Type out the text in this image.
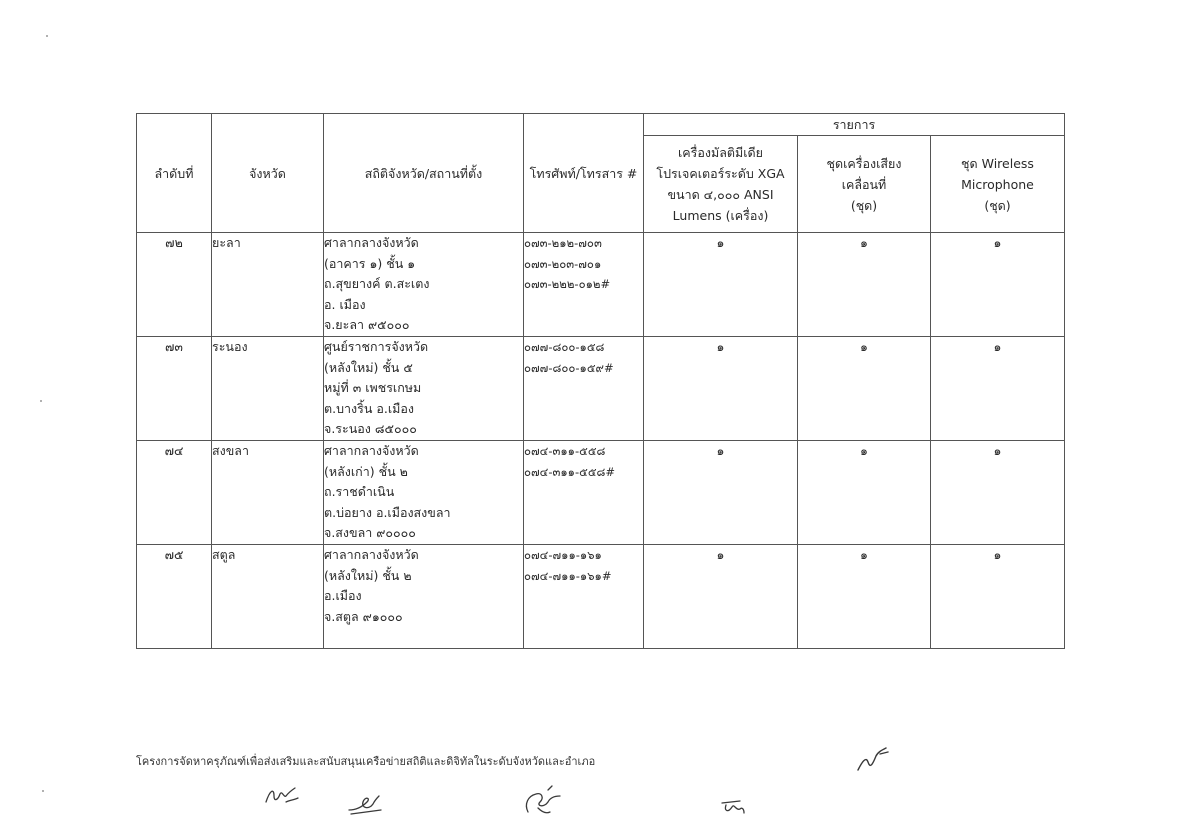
ลำดับที่	จังหวัด	สถิติจังหวัด/สถานที่ตั้ง	โทรศัพท์/โทรสาร #	รายการ		

				เครื่องมัลติมีเดีย
โปรเจคเตอร์ระดับ XGA
ขนาด ๔,๐๐๐ ANSI
Lumens (เครื่อง)	ชุดเครื่องเสียง
เคลื่อนที่
(ชุด)	ชุด Wireless
Microphone
(ชุด)

๗๒	ยะลา	ศาลากลางจังหวัด
(อาคาร ๑) ชั้น ๑
ถ.สุขยางค์ ต.สะเตง
อ. เมือง
จ.ยะลา ๙๕๐๐๐	๐๗๓-๒๑๒-๗๐๓
๐๗๓-๒๐๓-๗๐๑
๐๗๓-๒๒๒-๐๑๒#	๑	๑	๑
๗๓	ระนอง	ศูนย์ราชการจังหวัด
(หลังใหม่) ชั้น ๕
หมู่ที่ ๓ เพชรเกษม
ต.บางริ้น อ.เมือง
จ.ระนอง ๘๕๐๐๐	๐๗๗-๘๐๐-๑๕๘
๐๗๗-๘๐๐-๑๕๙#	๑	๑	๑
๗๔	สงขลา	ศาลากลางจังหวัด
(หลังเก่า) ชั้น ๒
ถ.ราชดำเนิน
ต.บ่อยาง อ.เมืองสงขลา
จ.สงขลา ๙๐๐๐๐	๐๗๔-๓๑๑-๕๕๘
๐๗๔-๓๑๑-๕๕๘#	๑	๑	๑
๗๕	สตูล	ศาลากลางจังหวัด
(หลังใหม่) ชั้น ๒
อ.เมือง
จ.สตูล ๙๑๐๐๐	๐๗๔-๗๑๑-๑๖๑
๐๗๔-๗๑๑-๑๖๑#	๑	๑	๑
โครงการจัดหาครุภัณฑ์เพื่อส่งเสริมและสนับสนุนเครือข่ายสถิติและดิจิทัลในระดับจังหวัดและอำเภอ
